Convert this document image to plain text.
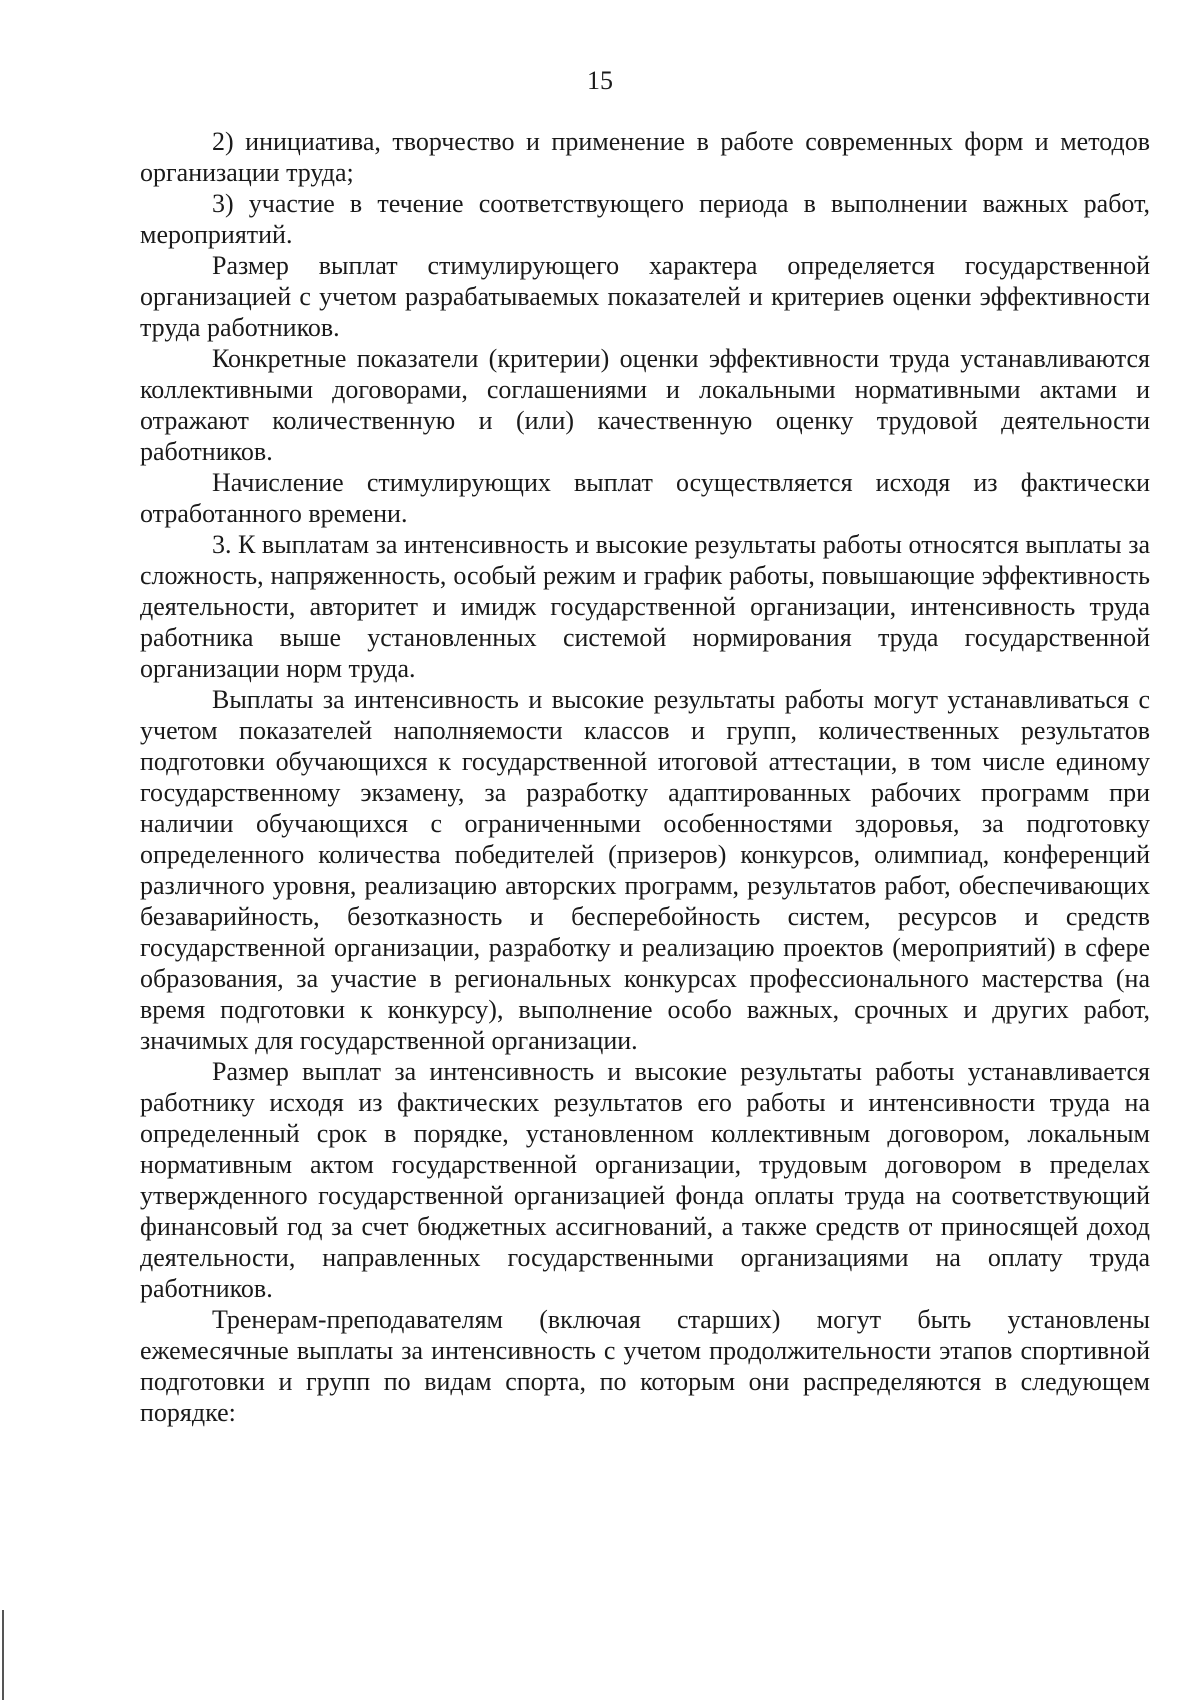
15

2) инициатива, творчество и применение в работе современных форм и методов организации труда;

3) участие в течение соответствующего периода в выполнении важных работ, мероприятий.

Размер выплат стимулирующего характера определяется государственной организацией с учетом разрабатываемых показателей и критериев оценки эффективности труда работников.

Конкретные показатели (критерии) оценки эффективности труда устанавливаются коллективными договорами, соглашениями и локальными нормативными актами и отражают количественную и (или) качественную оценку трудовой деятельности работников.

Начисление стимулирующих выплат осуществляется исходя из фактически отработанного времени.

3. К выплатам за интенсивность и высокие результаты работы относятся выплаты за сложность, напряженность, особый режим и график работы, повышающие эффективность деятельности, авторитет и имидж государственной организации, интенсивность труда работника выше установленных системой нормирования труда государственной организации норм труда.

Выплаты за интенсивность и высокие результаты работы могут устанавливаться с учетом показателей наполняемости классов и групп, количественных результатов подготовки обучающихся к государственной итоговой аттестации, в том числе единому государственному экзамену, за разработку адаптированных рабочих программ при наличии обучающихся с ограниченными особенностями здоровья, за подготовку определенного количества победителей (призеров) конкурсов, олимпиад, конференций различного уровня, реализацию авторских программ, результатов работ, обеспечивающих безаварийность, безотказность и бесперебойность систем, ресурсов и средств государственной организации, разработку и реализацию проектов (мероприятий) в сфере образования, за участие в региональных конкурсах профессионального мастерства (на время подготовки к конкурсу), выполнение особо важных, срочных и других работ, значимых для государственной организации.

Размер выплат за интенсивность и высокие результаты работы устанавливается работнику исходя из фактических результатов его работы и интенсивности труда на определенный срок в порядке, установленном коллективным договором, локальным нормативным актом государственной организации, трудовым договором в пределах утвержденного государственной организацией фонда оплаты труда на соответствующий финансовый год за счет бюджетных ассигнований, а также средств от приносящей доход деятельности, направленных государственными организациями на оплату труда работников.

Тренерам-преподавателям (включая старших) могут быть установлены ежемесячные выплаты за интенсивность с учетом продолжительности этапов спортивной подготовки и групп по видам спорта, по которым они распределяются в следующем порядке:
